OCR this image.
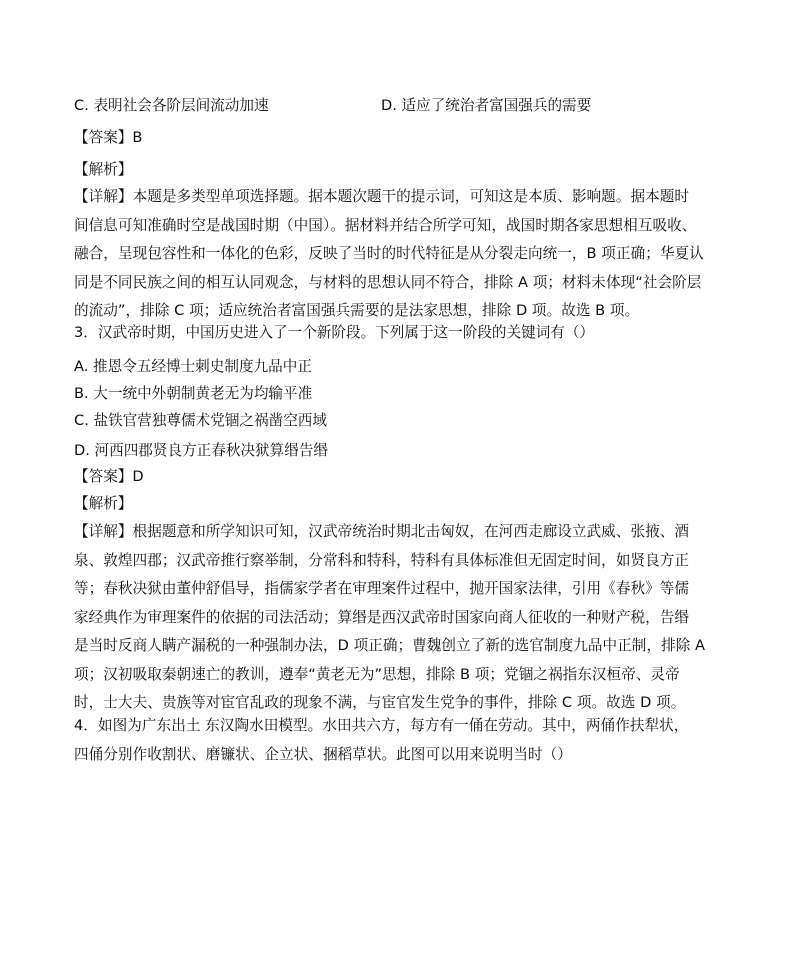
C. 表明社会各阶层间流动加速	D. 适应了统治者富国强兵的需要
【答案】B
【解析】
【详解】本题是多类型单项选择题。据本题次题干的提示词，可知这是本质、影响题。据本题时
间信息可知准确时空是战国时期（中国）。据材料并结合所学可知，战国时期各家思想相互吸收、
融合，呈现包容性和一体化的色彩，反映了当时的时代特征是从分裂走向统一，B 项正确；华夏认
同是不同民族之间的相互认同观念，与材料的思想认同不符合，排除 A 项；材料未体现“社会阶层
的流动”，排除 C 项；适应统治者富国强兵需要的是法家思想，排除 D 项。故选 B 项。
3．汉武帝时期，中国历史进入了一个新阶段。下列属于这一阶段的关键词有（）
A. 推恩令五经博士刺史制度九品中正
B. 大一统中外朝制黄老无为均输平准
C. 盐铁官营独尊儒术党锢之祸凿空西域
D. 河西四郡贤良方正春秋决狱算缗告缗
【答案】D
【解析】
【详解】根据题意和所学知识可知，汉武帝统治时期北击匈奴，在河西走廊设立武威、张掖、酒
泉、敦煌四郡；汉武帝推行察举制，分常科和特科，特科有具体标准但无固定时间，如贤良方正
等；春秋决狱由董仲舒倡导，指儒家学者在审理案件过程中，抛开国家法律，引用《春秋》等儒
家经典作为审理案件的依据的司法活动；算缗是西汉武帝时国家向商人征收的一种财产税，告缗
是当时反商人瞒产漏税的一种强制办法，D 项正确；曹魏创立了新的选官制度九品中正制，排除 A
项；汉初吸取秦朝速亡的教训，遵奉“黄老无为”思想，排除 B 项；党锢之祸指东汉桓帝、灵帝
时，士大夫、贵族等对宦官乱政的现象不满，与宦官发生党争的事件，排除 C 项。故选 D 项。
4．如图为广东出土 东汉陶水田模型。水田共六方，每方有一俑在劳动。其中，两俑作扶犁状，
四俑分别作收割状、磨镰状、企立状、捆稻草状。此图可以用来说明当时（）
